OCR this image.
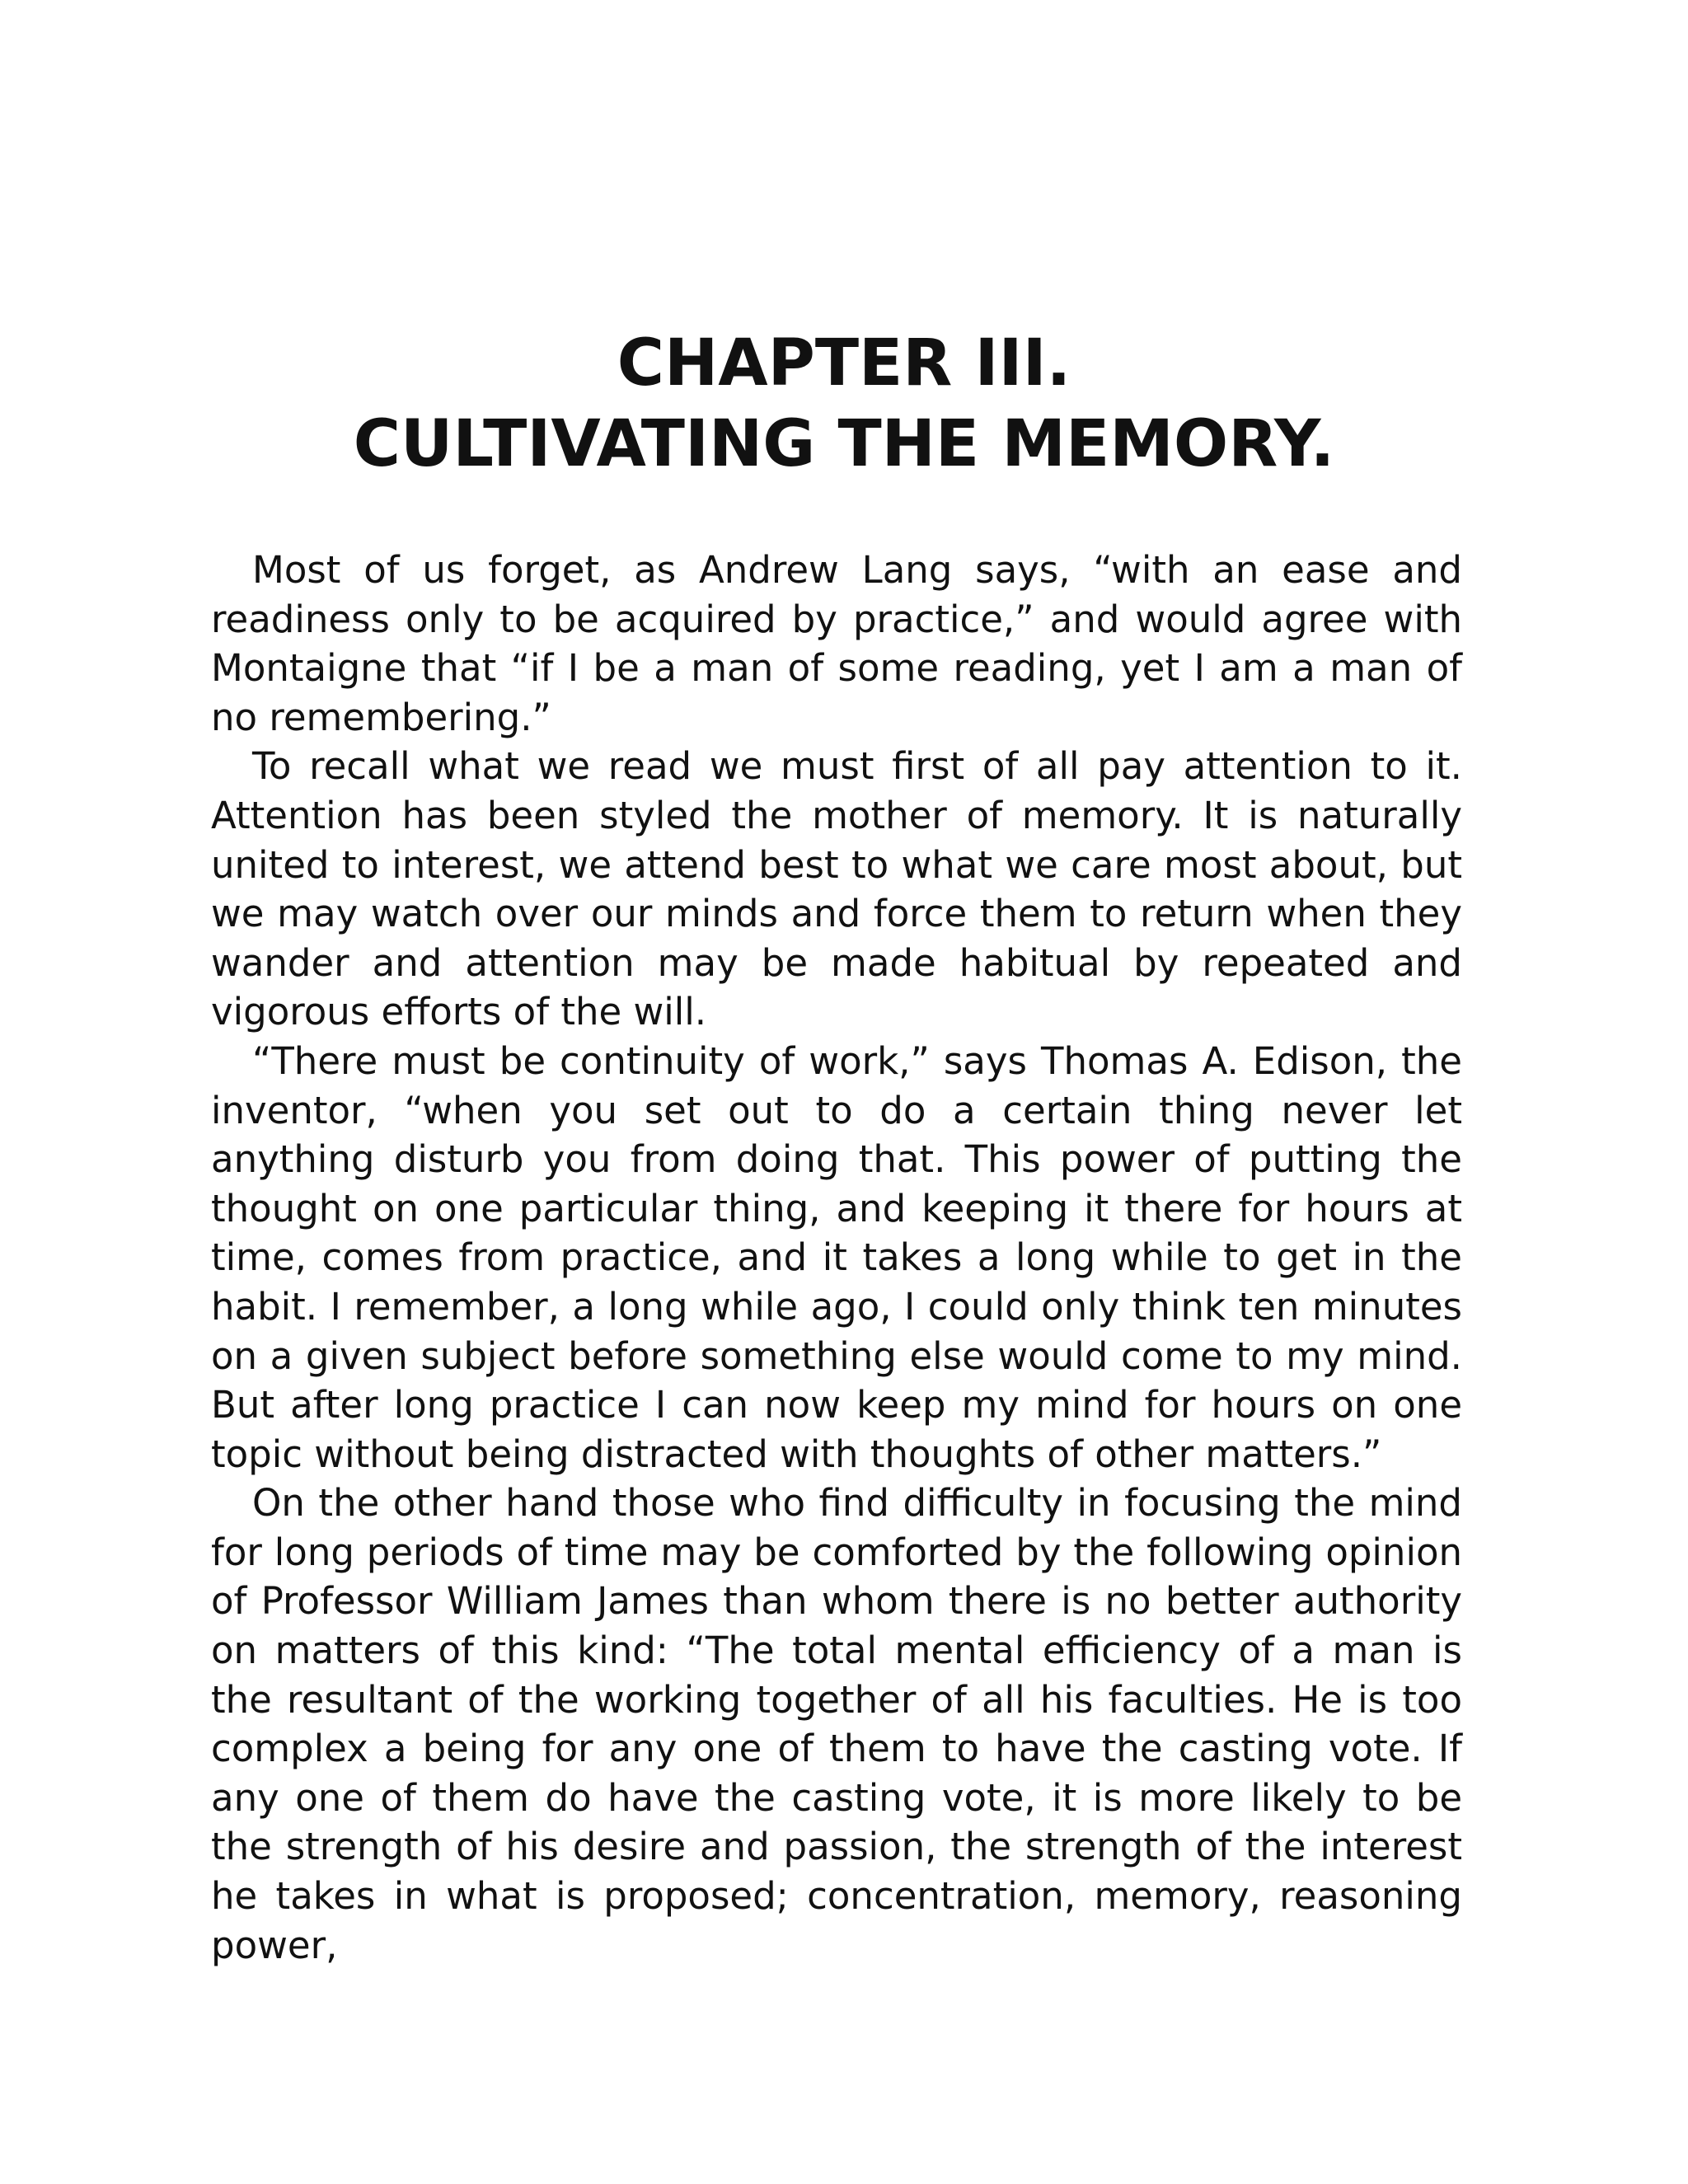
CHAPTER III.
CULTIVATING THE MEMORY.

Most of us forget, as Andrew Lang says, “with an ease and readiness only to be acquired by practice,” and would agree with Montaigne that “if I be a man of some reading, yet I am a man of no remembering.”

To recall what we read we must first of all pay attention to it. Attention has been styled the mother of memory. It is naturally united to interest, we attend best to what we care most about, but we may watch over our minds and force them to return when they wander and attention may be made habitual by repeated and vigorous efforts of the will.

“There must be continuity of work,” says Thomas A. Edison, the inventor, “when you set out to do a certain thing never let anything disturb you from doing that. This power of putting the thought on one particular thing, and keeping it there for hours at time, comes from practice, and it takes a long while to get in the habit. I remember, a long while ago, I could only think ten minutes on a given subject before something else would come to my mind. But after long practice I can now keep my mind for hours on one topic without being distracted with thoughts of other matters.”

On the other hand those who find difficulty in focusing the mind for long periods of time may be comforted by the following opinion of Professor William James than whom there is no better authority on matters of this kind: “The total mental efficiency of a man is the resultant of the working together of all his faculties. He is too complex a being for any one of them to have the casting vote. If any one of them do have the casting vote, it is more likely to be the strength of his desire and passion, the strength of the interest he takes in what is proposed; concentration, memory, reasoning power,
